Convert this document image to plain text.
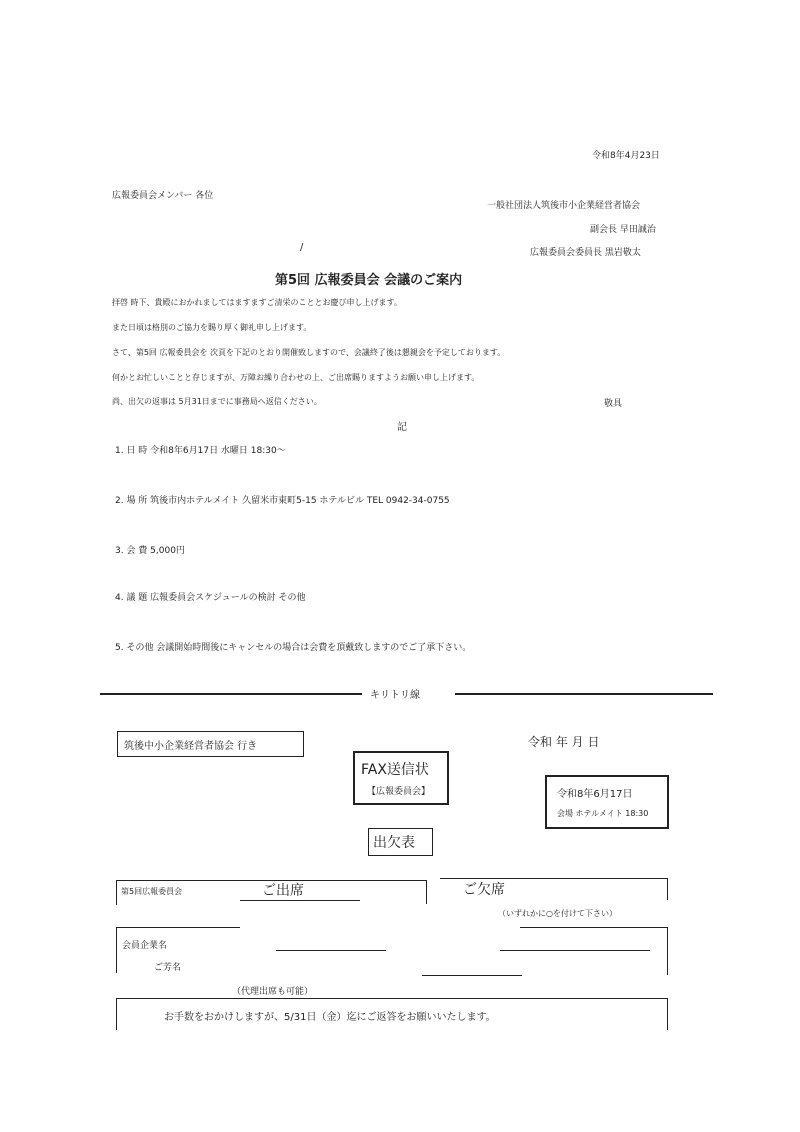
令和8年4月23日
広報委員会メンバー 各位
一般社団法人筑後市小企業経営者協会
副会長 早田誠治
/	広報委員会委員長 黒岩敬太
第5回 広報委員会 会議のご案内
拝啓 時下、貴殿におかれましてはますますご清栄のこととお慶び申し上げます。
また日頃は格別のご協力を賜り厚く御礼申し上げます。
さて、第5回 広報委員会を 次頁を下記のとおり開催致しますので、会議終了後は懇親会を予定しております。
何かとお忙しいことと存じますが、万障お繰り合わせの上、ご出席賜りますようお願い申し上げます。
尚、出欠の返事は 5月31日までに事務局へ返信ください。	敬具
記
1. 日 時 令和8年6月17日 水曜日 18:30～
2. 場 所 筑後市内ホテルメイト 久留米市東町5-15 ホテルビル TEL 0942-34-0755
3. 会 費 5,000円
4. 議 題 広報委員会スケジュールの検討 その他
5. その他 会議開始時間後にキャンセルの場合は会費を頂戴致しますのでご了承下さい。
キリトリ線
筑後中小企業経営者協会 行き	令和 年 月 日
FAX送信状
【広報委員会】	令和8年6月17日
会場 ホテルメイト 18:30
出欠表
第5回広報委員会	ご出席	ご欠席
（いずれかに○を付けて下さい）
会員企業名
ご芳名
（代理出席も可能）
お手数をおかけしますが、5/31日（金）迄にご返答をお願いいたします。
